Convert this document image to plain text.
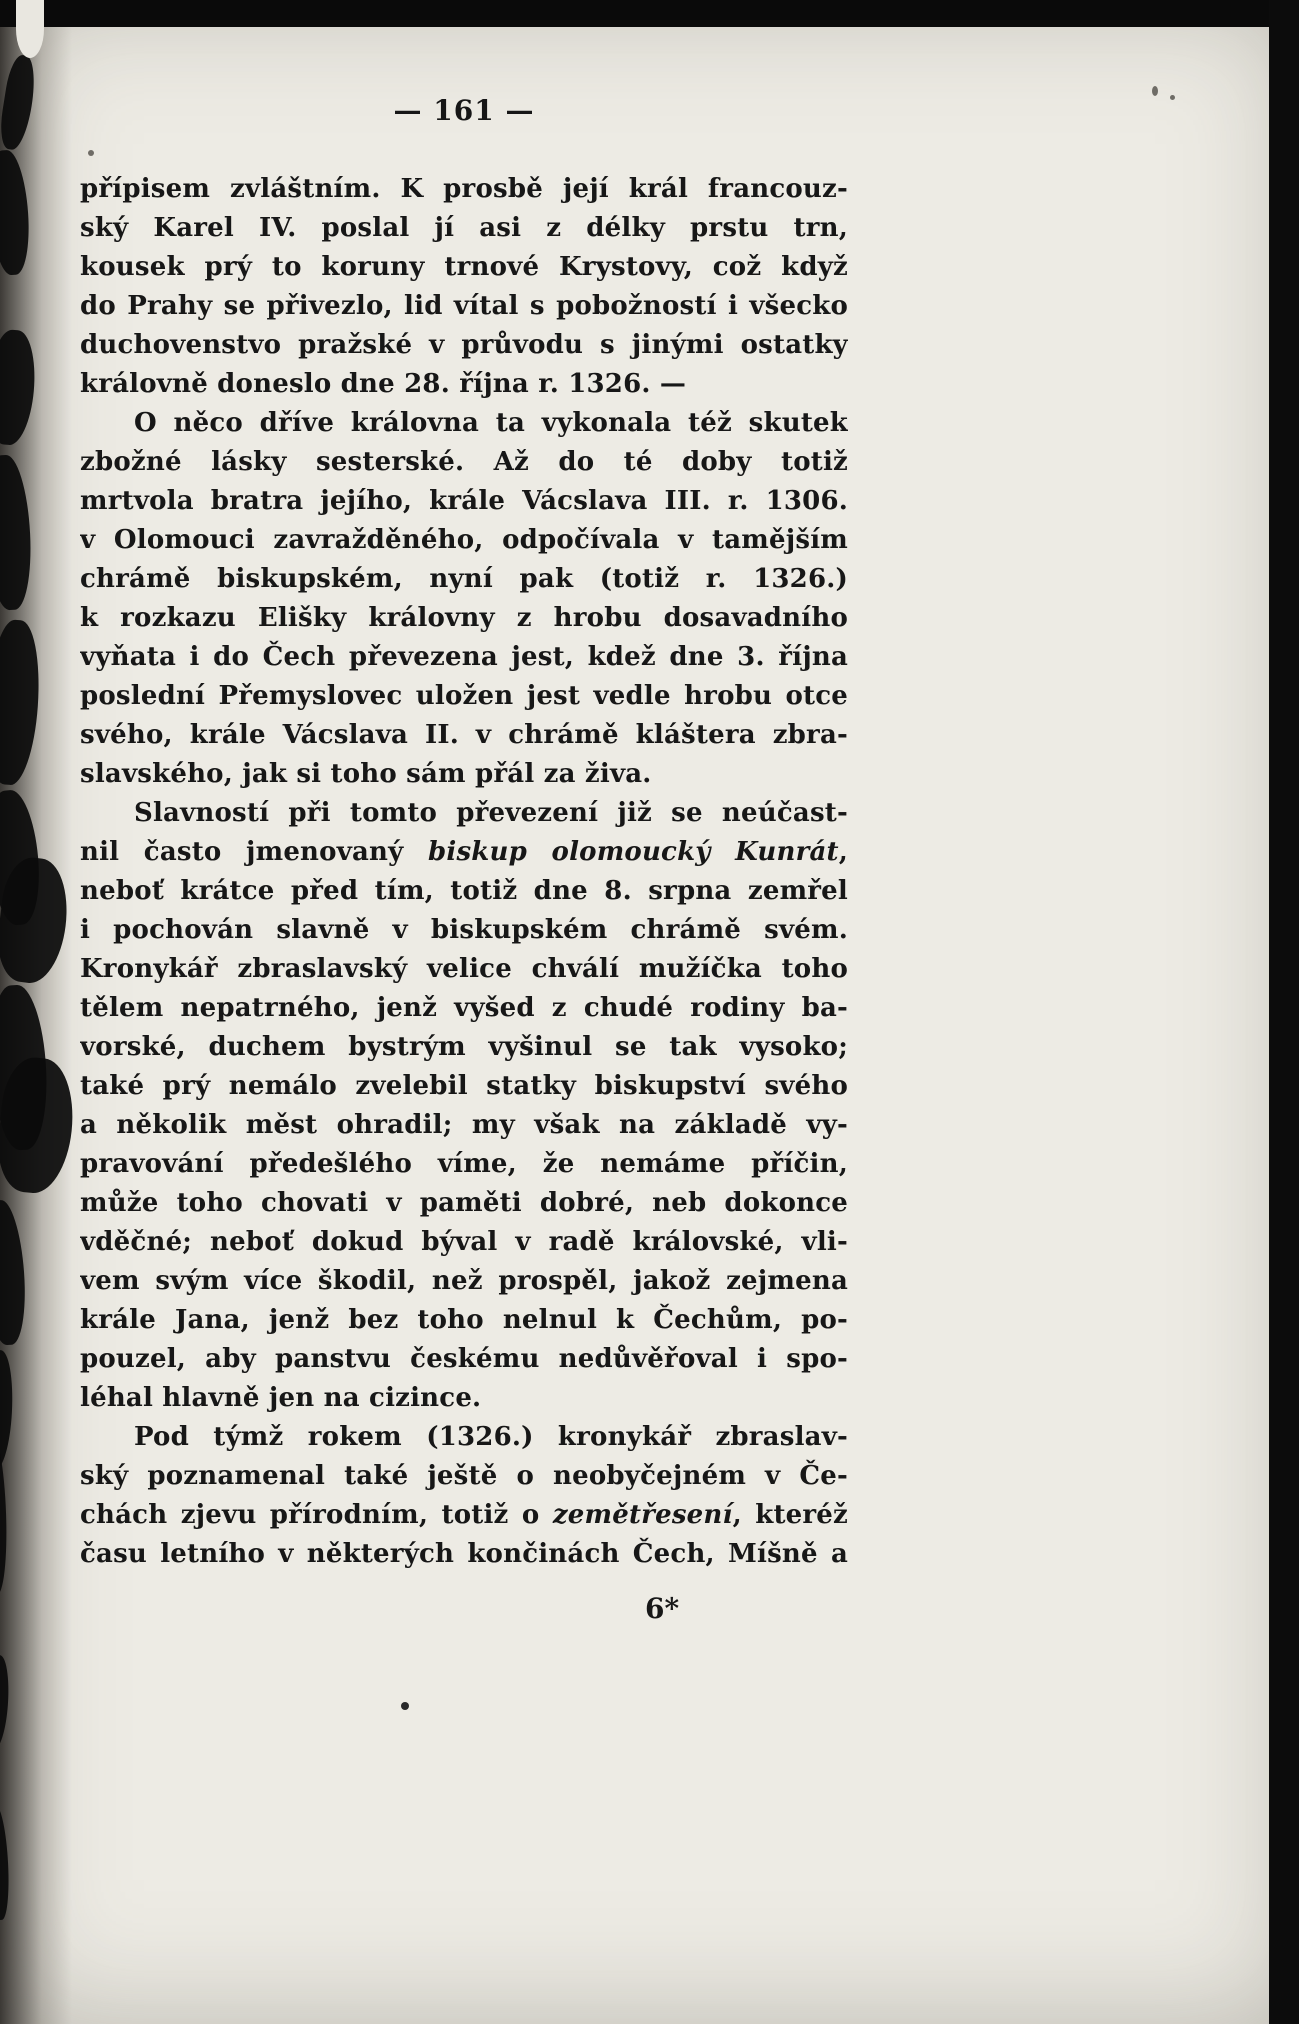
— 161 —
přípisem zvláštním. K prosbě její král francouz-
ský Karel IV. poslal jí asi z délky prstu trn,
kousek prý to koruny trnové Krystovy, což když
do Prahy se přivezlo, lid vítal s pobožností i všecko
duchovenstvo pražské v průvodu s jinými ostatky
královně doneslo dne 28. října r. 1326. —
O něco dříve královna ta vykonala též skutek
zbožné lásky sesterské. Až do té doby totiž
mrtvola bratra jejího, krále Vácslava III. r. 1306.
v Olomouci zavražděného, odpočívala v tamějším
chrámě biskupském, nyní pak (totiž r. 1326.)
k rozkazu Elišky královny z hrobu dosavadního
vyňata i do Čech převezena jest, kdež dne 3. října
poslední Přemyslovec uložen jest vedle hrobu otce
svého, krále Vácslava II. v chrámě kláštera zbra-
slavského, jak si toho sám přál za živa.
Slavností při tomto převezení již se neúčast-
nil často jmenovaný biskup olomoucký Kunrát,
neboť krátce před tím, totiž dne 8. srpna zemřel
i pochován slavně v biskupském chrámě svém.
Kronykář zbraslavský velice chválí mužíčka toho
tělem nepatrného, jenž vyšed z chudé rodiny ba-
vorské, duchem bystrým vyšinul se tak vysoko;
také prý nemálo zvelebil statky biskupství svého
a několik měst ohradil; my však na základě vy-
pravování předešlého víme, že nemáme příčin,
může toho chovati v paměti dobré, neb dokonce
vděčné; neboť dokud býval v radě královské, vli-
vem svým více škodil, než prospěl, jakož zejmena
krále Jana, jenž bez toho nelnul k Čechům, po-
pouzel, aby panstvu českému nedůvěřoval i spo-
léhal hlavně jen na cizince.
Pod týmž rokem (1326.) kronykář zbraslav-
ský poznamenal také ještě o neobyčejném v Če-
chách zjevu přírodním, totiž o zemětřesení, kteréž
času letního v některých končinách Čech, Míšně a
6*
